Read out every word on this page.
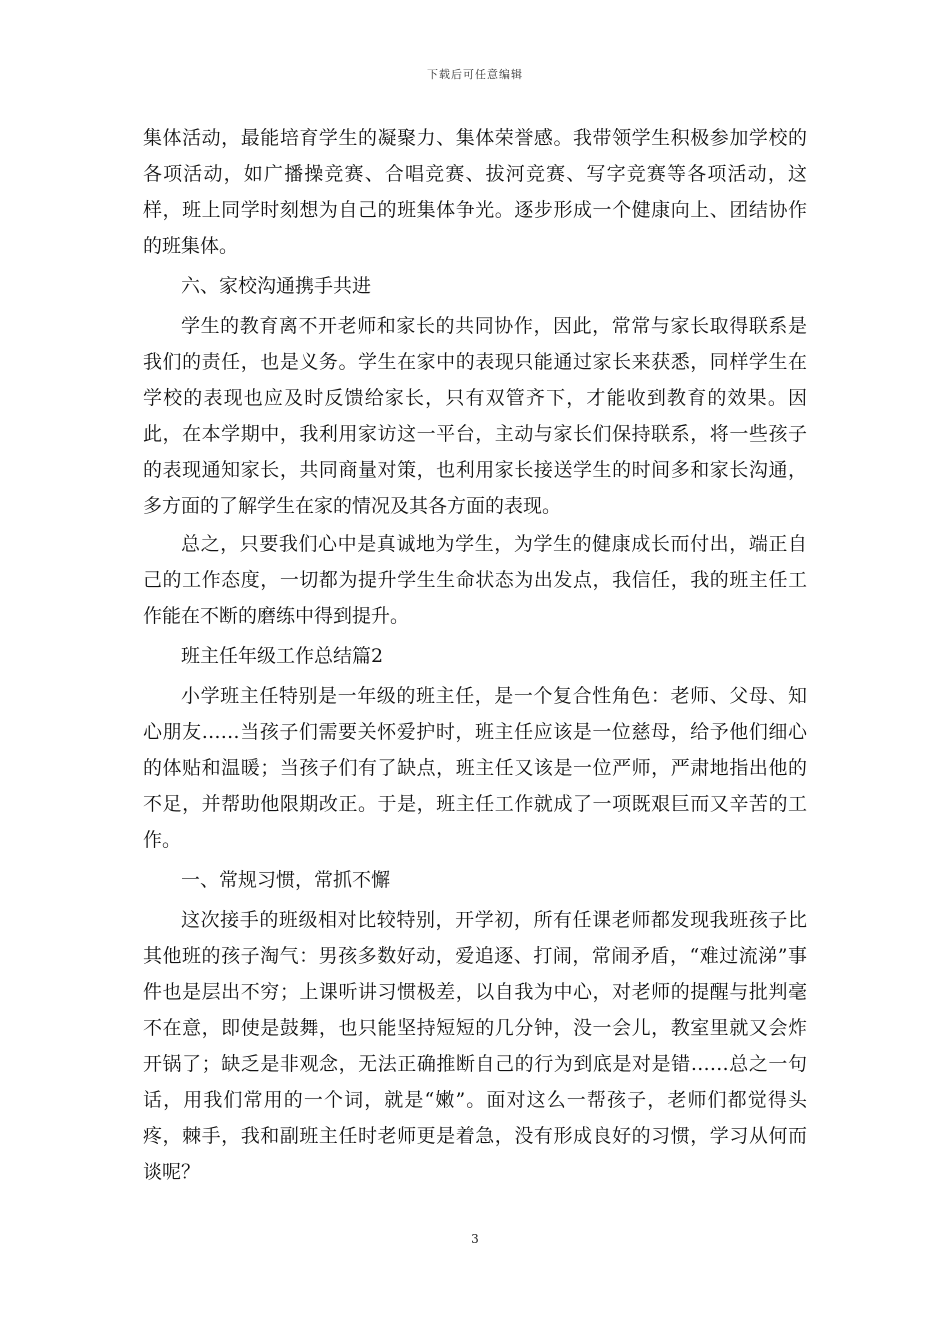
下载后可任意编辑

集体活动，最能培育学生的凝聚力、集体荣誉感。我带领学生积极参加学校的各项活动，如广播操竞赛、合唱竞赛、拔河竞赛、写字竞赛等各项活动，这样，班上同学时刻想为自己的班集体争光。逐步形成一个健康向上、团结协作的班集体。

六、家校沟通携手共进

学生的教育离不开老师和家长的共同协作，因此，常常与家长取得联系是我们的责任，也是义务。学生在家中的表现只能通过家长来获悉，同样学生在学校的表现也应及时反馈给家长，只有双管齐下，才能收到教育的效果。因此，在本学期中，我利用家访这一平台，主动与家长们保持联系，将一些孩子的表现通知家长，共同商量对策，也利用家长接送学生的时间多和家长沟通，多方面的了解学生在家的情况及其各方面的表现。

总之，只要我们心中是真诚地为学生，为学生的健康成长而付出，端正自己的工作态度，一切都为提升学生生命状态为出发点，我信任，我的班主任工作能在不断的磨练中得到提升。

班主任年级工作总结篇2

小学班主任特别是一年级的班主任，是一个复合性角色：老师、父母、知心朋友……当孩子们需要关怀爱护时，班主任应该是一位慈母，给予他们细心的体贴和温暖；当孩子们有了缺点，班主任又该是一位严师，严肃地指出他的不足，并帮助他限期改正。于是，班主任工作就成了一项既艰巨而又辛苦的工作。

一、常规习惯，常抓不懈

这次接手的班级相对比较特别，开学初，所有任课老师都发现我班孩子比其他班的孩子淘气：男孩多数好动，爱追逐、打闹，常闹矛盾，“难过流涕”事件也是层出不穷；上课听讲习惯极差，以自我为中心，对老师的提醒与批判毫不在意，即使是鼓舞，也只能坚持短短的几分钟，没一会儿，教室里就又会炸开锅了；缺乏是非观念，无法正确推断自己的行为到底是对是错……总之一句话，用我们常用的一个词，就是“嫩”。面对这么一帮孩子，老师们都觉得头疼，棘手，我和副班主任时老师更是着急，没有形成良好的习惯，学习从何而谈呢？

3
